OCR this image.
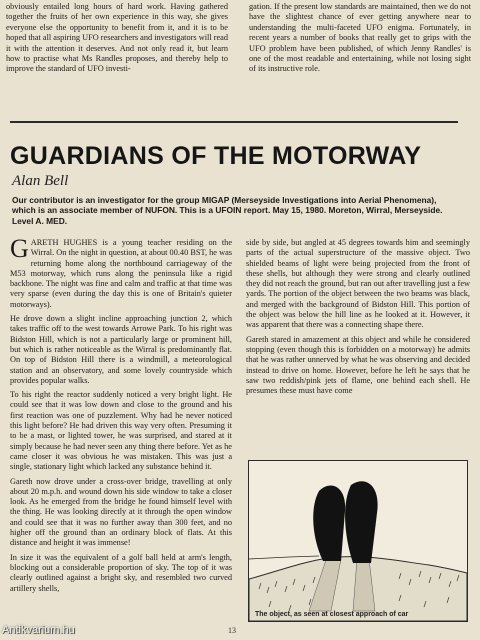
obviously entailed long hours of hard work. Having gathered together the fruits of her own experience in this way, she gives everyone else the opportunity to benefit from it, and it is to be hoped that all aspiring UFO researchers and investigators will read it with the attention it deserves. And not only read it, but learn how to practise what Ms Randles proposes, and thereby help to improve the standard of UFO investi-

gation. If the present low standards are maintained, then we do not have the slightest chance of ever getting anywhere near to understanding the multi-faceted UFO enigma. Fortunately, in recent years a number of books that really get to grips with the UFO problem have been published, of which Jenny Randles' is one of the most readable and entertaining, while not losing sight of its instructive role.

GUARDIANS OF THE MOTORWAY
Alan Bell
Our contributor is an investigator for the group MIGAP (Merseyside Investigations into Aerial Phenomena),
which is an associate member of NUFON. This is a UFOIN report. May 15, 1980. Moreton, Wirral, Merseyside.
Level A. MED.

GARETH HUGHES is a young teacher residing on the Wirral. On the night in question, at about 00.40 BST, he was returning home along the northbound carriageway of the M53 motorway, which runs along the peninsula like a rigid backbone. The night was fine and calm and traffic at that time was very sparse (even during the day this is one of Britain's quieter motorways).

He drove down a slight incline approaching junction 2, which takes traffic off to the west towards Arrowe Park. To his right was Bidston Hill, which is not a particularly large or prominent hill, but which is rather noticeable as the Wirral is predominantly flat. On top of Bidston Hill there is a windmill, a meteorological station and an observatory, and some lovely countryside which provides popular walks.

To his right the reactor suddenly noticed a very bright light. He could see that it was low down and close to the ground and his first reaction was one of puzzlement. Why had he never noticed this light before? He had driven this way very often. Presuming it to be a mast, or lighted tower, he was surprised, and stared at it simply because he had never seen any thing there before. Yet as he came closer it was obvious he was mistaken. This was just a single, stationary light which lacked any substance behind it.

Gareth now drove under a cross-over bridge, travelling at only about 20 m.p.h. and wound down his side window to take a closer look. As he emerged from the bridge he found himself level with the thing. He was looking directly at it through the open window and could see that it was no further away than 300 feet, and no higher off the ground than an ordinary block of flats. At this distance and height it was immense!

In size it was the equivalent of a golf ball held at arm's length, blocking out a considerable proportion of sky. The top of it was clearly outlined against a bright sky, and resembled two curved artillery shells,

side by side, but angled at 45 degrees towards him and seemingly parts of the actual superstructure of the massive object. Two shielded beams of light were being projected from the front of these shells, but although they were strong and clearly outlined they did not reach the ground, but ran out after travelling just a few yards. The portion of the object between the two beams was black, and merged with the background of Bidston Hill. This portion of the object was below the hill line as he looked at it. However, it was apparent that there was a connecting shape there.

Gareth stared in amazement at this object and while he considered stopping (even though this is forbidden on a motorway) he admits that he was rather unnerved by what he was observing and decided instead to drive on home. However, before he left he says that he saw two reddish/pink jets of flame, one behind each shell. He presumes these must have come

The object, as seen at closest approach of car
13
Antikvarium.hu
